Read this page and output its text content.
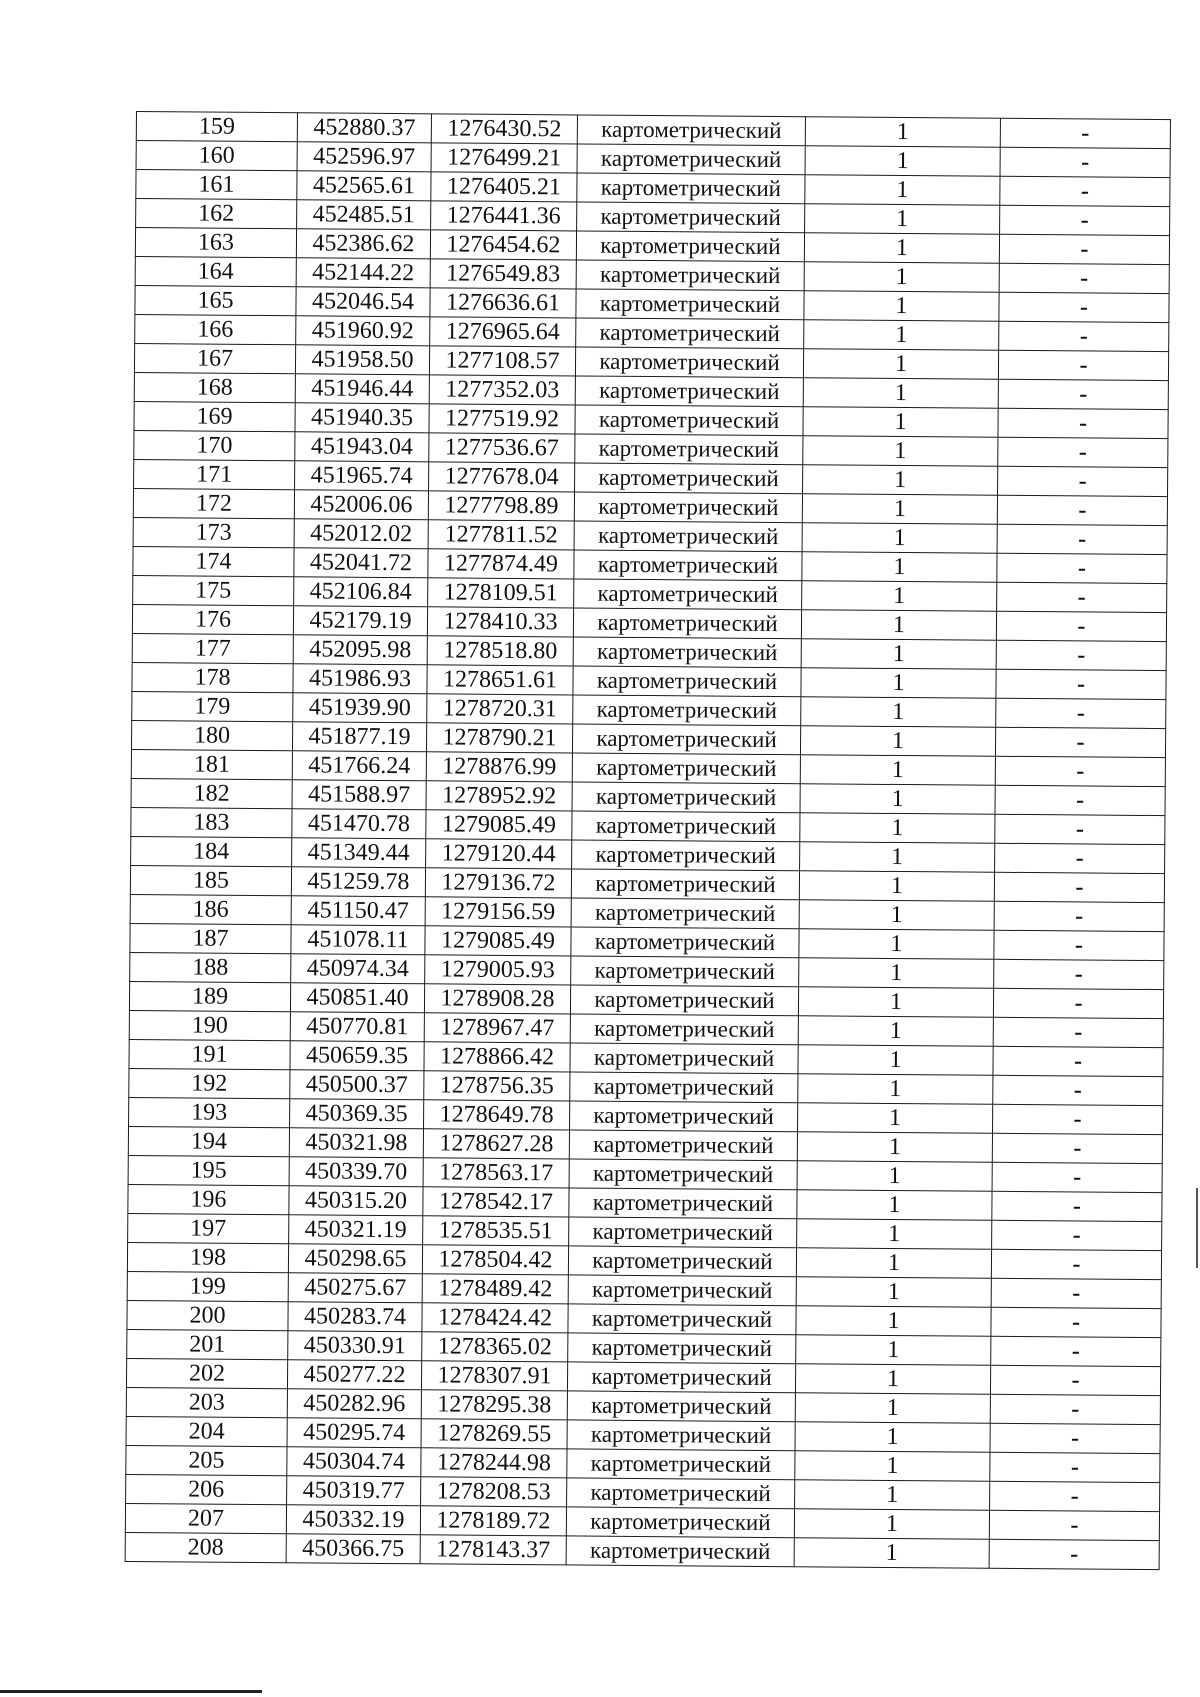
159	452880.37	1276430.52	картометрический	1	-
160	452596.97	1276499.21	картометрический	1	-
161	452565.61	1276405.21	картометрический	1	-
162	452485.51	1276441.36	картометрический	1	-
163	452386.62	1276454.62	картометрический	1	-
164	452144.22	1276549.83	картометрический	1	-
165	452046.54	1276636.61	картометрический	1	-
166	451960.92	1276965.64	картометрический	1	-
167	451958.50	1277108.57	картометрический	1	-
168	451946.44	1277352.03	картометрический	1	-
169	451940.35	1277519.92	картометрический	1	-
170	451943.04	1277536.67	картометрический	1	-
171	451965.74	1277678.04	картометрический	1	-
172	452006.06	1277798.89	картометрический	1	-
173	452012.02	1277811.52	картометрический	1	-
174	452041.72	1277874.49	картометрический	1	-
175	452106.84	1278109.51	картометрический	1	-
176	452179.19	1278410.33	картометрический	1	-
177	452095.98	1278518.80	картометрический	1	-
178	451986.93	1278651.61	картометрический	1	-
179	451939.90	1278720.31	картометрический	1	-
180	451877.19	1278790.21	картометрический	1	-
181	451766.24	1278876.99	картометрический	1	-
182	451588.97	1278952.92	картометрический	1	-
183	451470.78	1279085.49	картометрический	1	-
184	451349.44	1279120.44	картометрический	1	-
185	451259.78	1279136.72	картометрический	1	-
186	451150.47	1279156.59	картометрический	1	-
187	451078.11	1279085.49	картометрический	1	-
188	450974.34	1279005.93	картометрический	1	-
189	450851.40	1278908.28	картометрический	1	-
190	450770.81	1278967.47	картометрический	1	-
191	450659.35	1278866.42	картометрический	1	-
192	450500.37	1278756.35	картометрический	1	-
193	450369.35	1278649.78	картометрический	1	-
194	450321.98	1278627.28	картометрический	1	-
195	450339.70	1278563.17	картометрический	1	-
196	450315.20	1278542.17	картометрический	1	-
197	450321.19	1278535.51	картометрический	1	-
198	450298.65	1278504.42	картометрический	1	-
199	450275.67	1278489.42	картометрический	1	-
200	450283.74	1278424.42	картометрический	1	-
201	450330.91	1278365.02	картометрический	1	-
202	450277.22	1278307.91	картометрический	1	-
203	450282.96	1278295.38	картометрический	1	-
204	450295.74	1278269.55	картометрический	1	-
205	450304.74	1278244.98	картометрический	1	-
206	450319.77	1278208.53	картометрический	1	-
207	450332.19	1278189.72	картометрический	1	-
208	450366.75	1278143.37	картометрический	1	-
